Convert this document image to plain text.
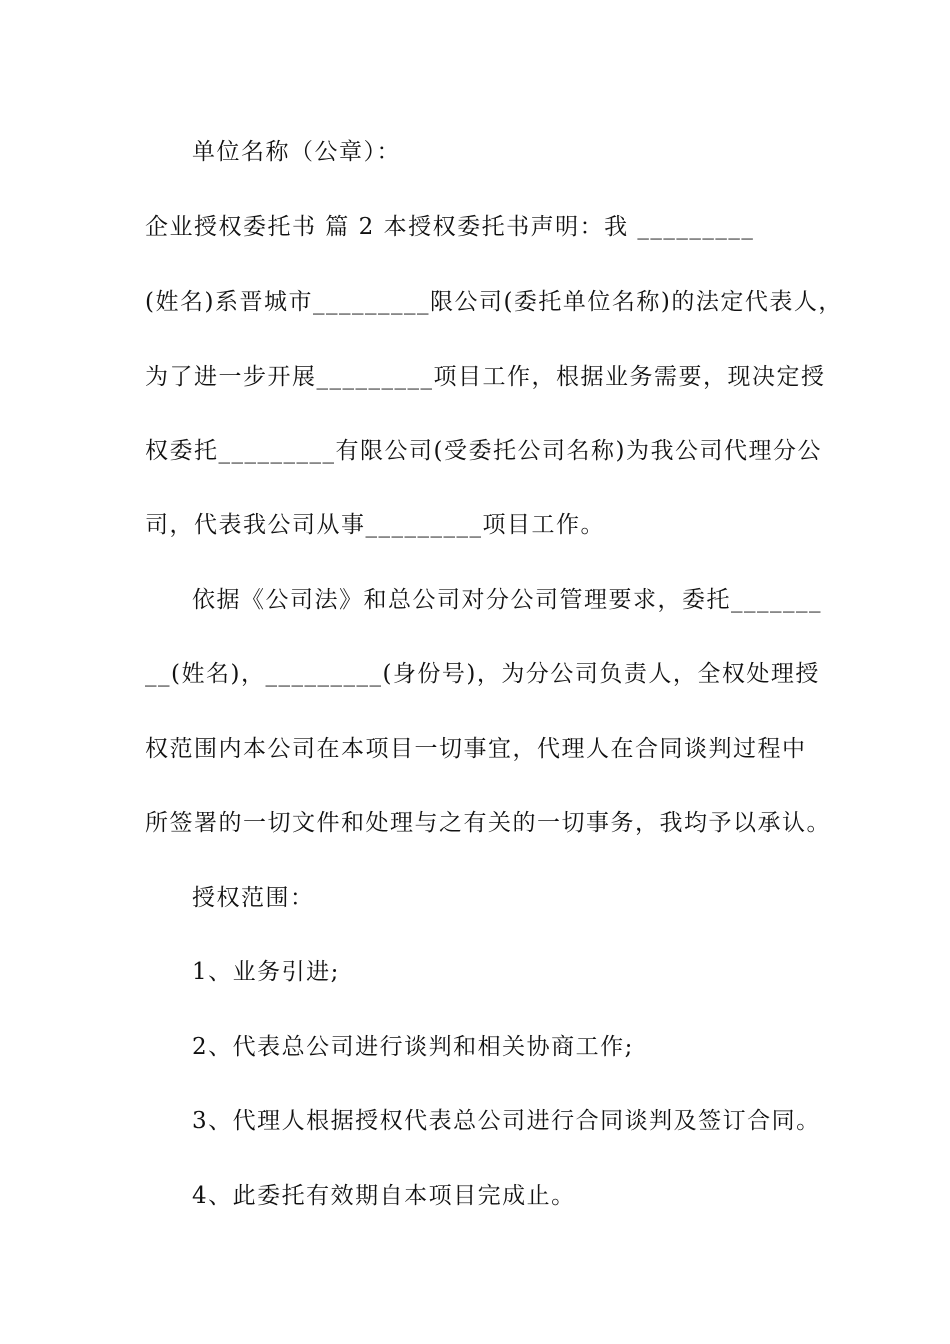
单位名称（公章）：
企业授权委托书 篇 2 本授权委托书声明：我 _________
(姓名)系晋城市_________限公司(委托单位名称)的法定代表人，
为了进一步开展_________项目工作，根据业务需要，现决定授
权委托_________有限公司(受委托公司名称)为我公司代理分公
司，代表我公司从事_________项目工作。
依据《公司法》和总公司对分公司管理要求，委托_______
__(姓名)，_________(身份号)，为分公司负责人，全权处理授
权范围内本公司在本项目一切事宜，代理人在合同谈判过程中
所签署的一切文件和处理与之有关的一切事务，我均予以承认。
授权范围：
1、业务引进;
2、代表总公司进行谈判和相关协商工作;
3、代理人根据授权代表总公司进行合同谈判及签订合同。
4、此委托有效期自本项目完成止。
